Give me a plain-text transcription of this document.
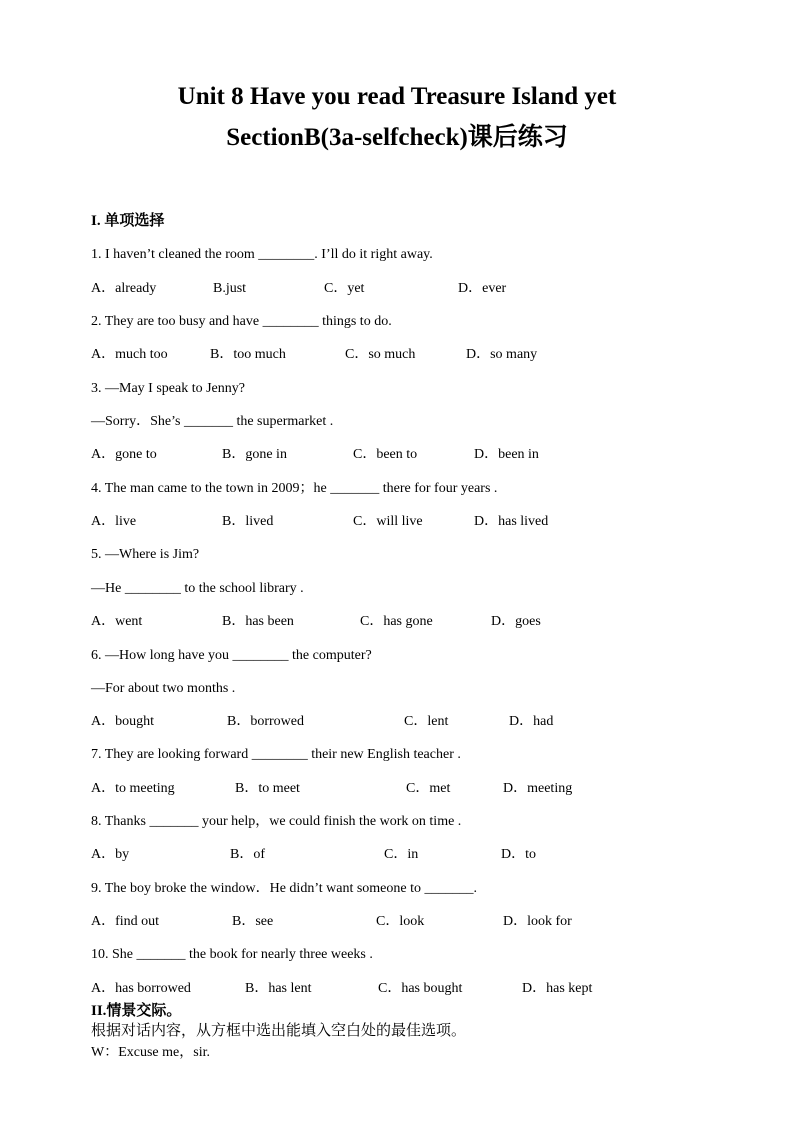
Unit 8 Have you read Treasure Island yet
SectionB(3a-selfcheck)课后练习
I. 单项选择
1. I haven’t cleaned the room ________. I’ll do it right away.
A．already	B.just	C．yet	D．ever
2. They are too busy and have ________ things to do.
A．much too	B．too much	C．so much	D．so many
3. —May I speak to Jenny?
—Sorry．She’s _______ the supermarket .
A．gone to	B．gone in	C．been to	D．been in
4. The man came to the town in 2009；he _______ there for four years .
A．live	B．lived	C．will live	D．has lived
5. —Where is Jim?
—He ________ to the school library .
A．went	B．has been	C．has gone	D．goes
6. —How long have you ________ the computer?
—For about two months .
A．bought	B．borrowed	C．lent	D．had
7. They are looking forward ________ their new English teacher .
A．to meeting	B．to meet	C．met	D．meeting
8. Thanks _______ your help，we could finish the work on time .
A．by	B．of	C．in	D．to
9. The boy broke the window．He didn’t want someone to _______.
A．find out	B．see	C．look	D．look for
10. She _______ the book for nearly three weeks .
A．has borrowed	B．has lent	C．has bought	D．has kept
II.情景交际。
根据对话内容，从方框中选出能填入空白处的最佳选项。
W：Excuse me，sir.
